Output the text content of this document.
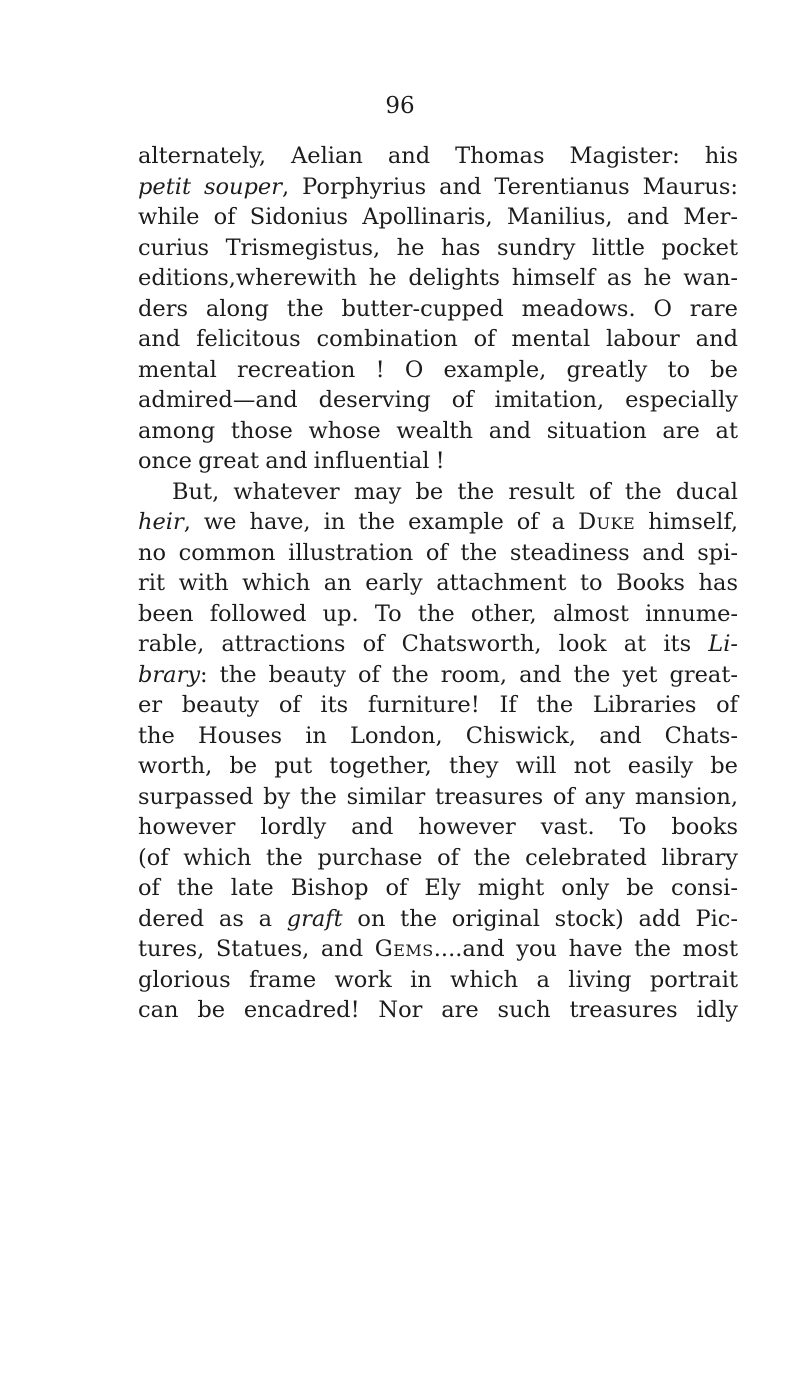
96
alternately, Aelian and Thomas Magister: his
petit souper, Porphyrius and Terentianus Maurus:
while of Sidonius Apollinaris, Manilius, and Mer-
curius Trismegistus, he has sundry little pocket
editions,wherewith he delights himself as he wan-
ders along the butter-cupped meadows. O rare
and felicitous combination of mental labour and
mental recreation ! O example, greatly to be
admired—and deserving of imitation, especially
among those whose wealth and situation are at
once great and influential !
But, whatever may be the result of the ducal
heir, we have, in the example of a Duke himself,
no common illustration of the steadiness and spi-
rit with which an early attachment to Books has
been followed up. To the other, almost innume-
rable, attractions of Chatsworth, look at its Li-
brary: the beauty of the room, and the yet great-
er beauty of its furniture! If the Libraries of
the Houses in London, Chiswick, and Chats-
worth, be put together, they will not easily be
surpassed by the similar treasures of any mansion,
however lordly and however vast. To books
(of which the purchase of the celebrated library
of the late Bishop of Ely might only be consi-
dered as a graft on the original stock) add Pic-
tures, Statues, and Gems....and you have the most
glorious frame work in which a living portrait
can be encadred! Nor are such treasures idly
